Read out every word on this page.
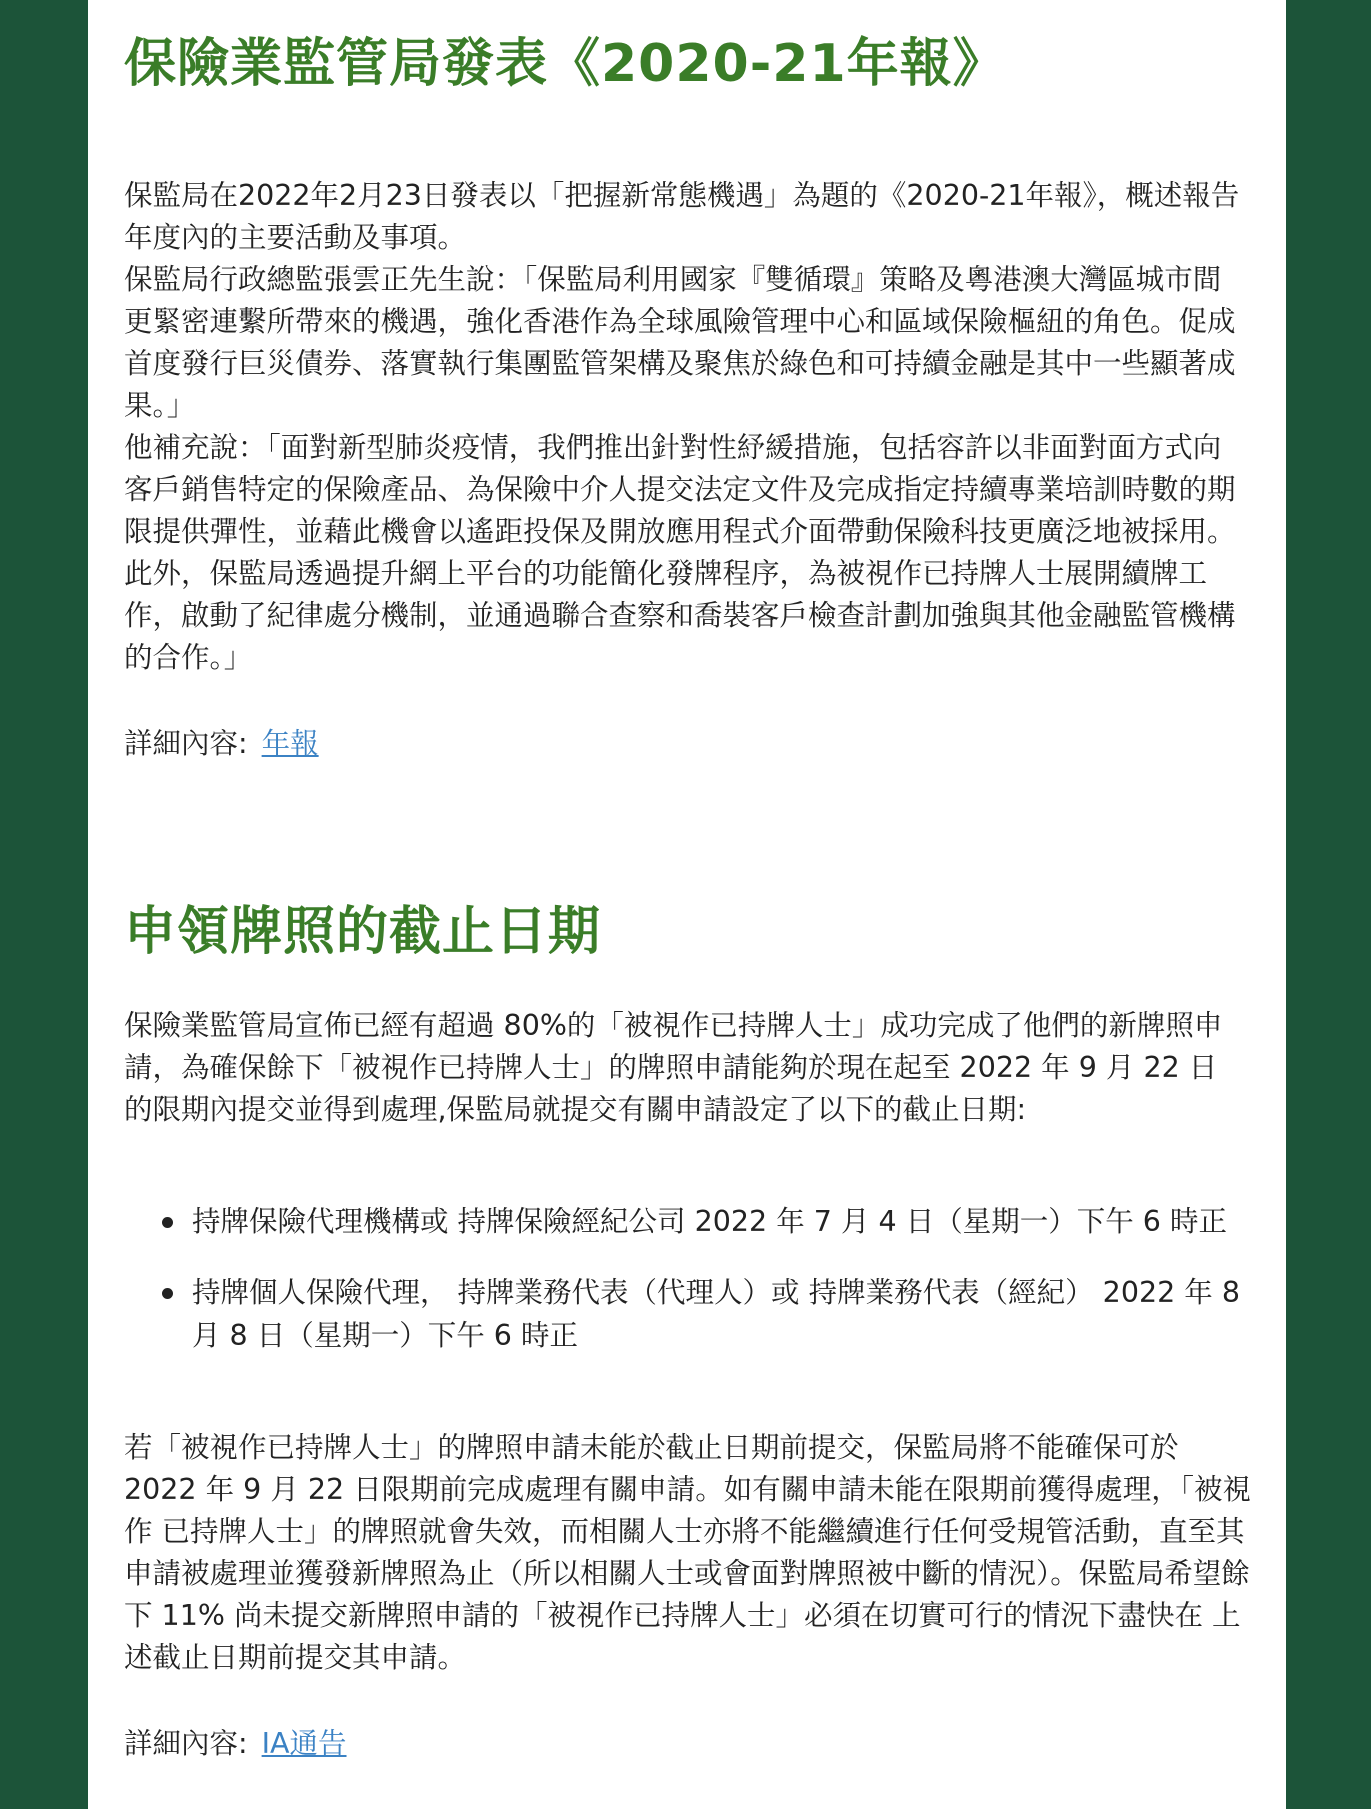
保險業監管局發表《2020-21年報》

保監局在2022年2月23日發表以「把握新常態機遇」為題的《2020-21年報》，概述報告年度內的主要活動及事項。

保監局行政總監張雲正先生說：「保監局利用國家『雙循環』策略及粵港澳大灣區城市間更緊密連繫所帶來的機遇，強化香港作為全球風險管理中心和區域保險樞紐的角色。促成首度發行巨災債券、落實執行集團監管架構及聚焦於綠色和可持續金融是其中一些顯著成果。」

他補充說：「面對新型肺炎疫情，我們推出針對性紓緩措施，包括容許以非面對面方式向客戶銷售特定的保險產品、為保險中介人提交法定文件及完成指定持續專業培訓時數的期限提供彈性，並藉此機會以遙距投保及開放應用程式介面帶動保險科技更廣泛地被採用。此外，保監局透過提升網上平台的功能簡化發牌程序，為被視作已持牌人士展開續牌工作，啟動了紀律處分機制，並通過聯合查察和喬裝客戶檢查計劃加強與其他金融監管機構的合作。」

詳細內容: 年報
申領牌照的截止日期

保險業監管局宣佈已經有超過 80%的「被視作已持牌人士」成功完成了他們的新牌照申請，為確保餘下「被視作已持牌人士」的牌照申請能夠於現在起至 2022 年 9 月 22 日的限期內提交並得到處理,保監局就提交有關申請設定了以下的截止日期:

持牌保險代理機構或 持牌保險經紀公司 2022 年 7 月 4 日（星期一）下午 6 時正
持牌個人保險代理， 持牌業務代表（代理人）或 持牌業務代表（經紀） 2022 年 8 月 8 日（星期一）下午 6 時正

若「被視作已持牌人士」的牌照申請未能於截止日期前提交，保監局將不能確保可於 2022 年 9 月 22 日限期前完成處理有關申請。如有關申請未能在限期前獲得處理，「被視作 已持牌人士」的牌照就會失效，而相關人士亦將不能繼續進行任何受規管活動，直至其 申請被處理並獲發新牌照為止（所以相關人士或會面對牌照被中斷的情況）。保監局希望餘下 11% 尚未提交新牌照申請的「被視作已持牌人士」必須在切實可行的情況下盡快在 上述截止日期前提交其申請。

詳細內容: IA通告
